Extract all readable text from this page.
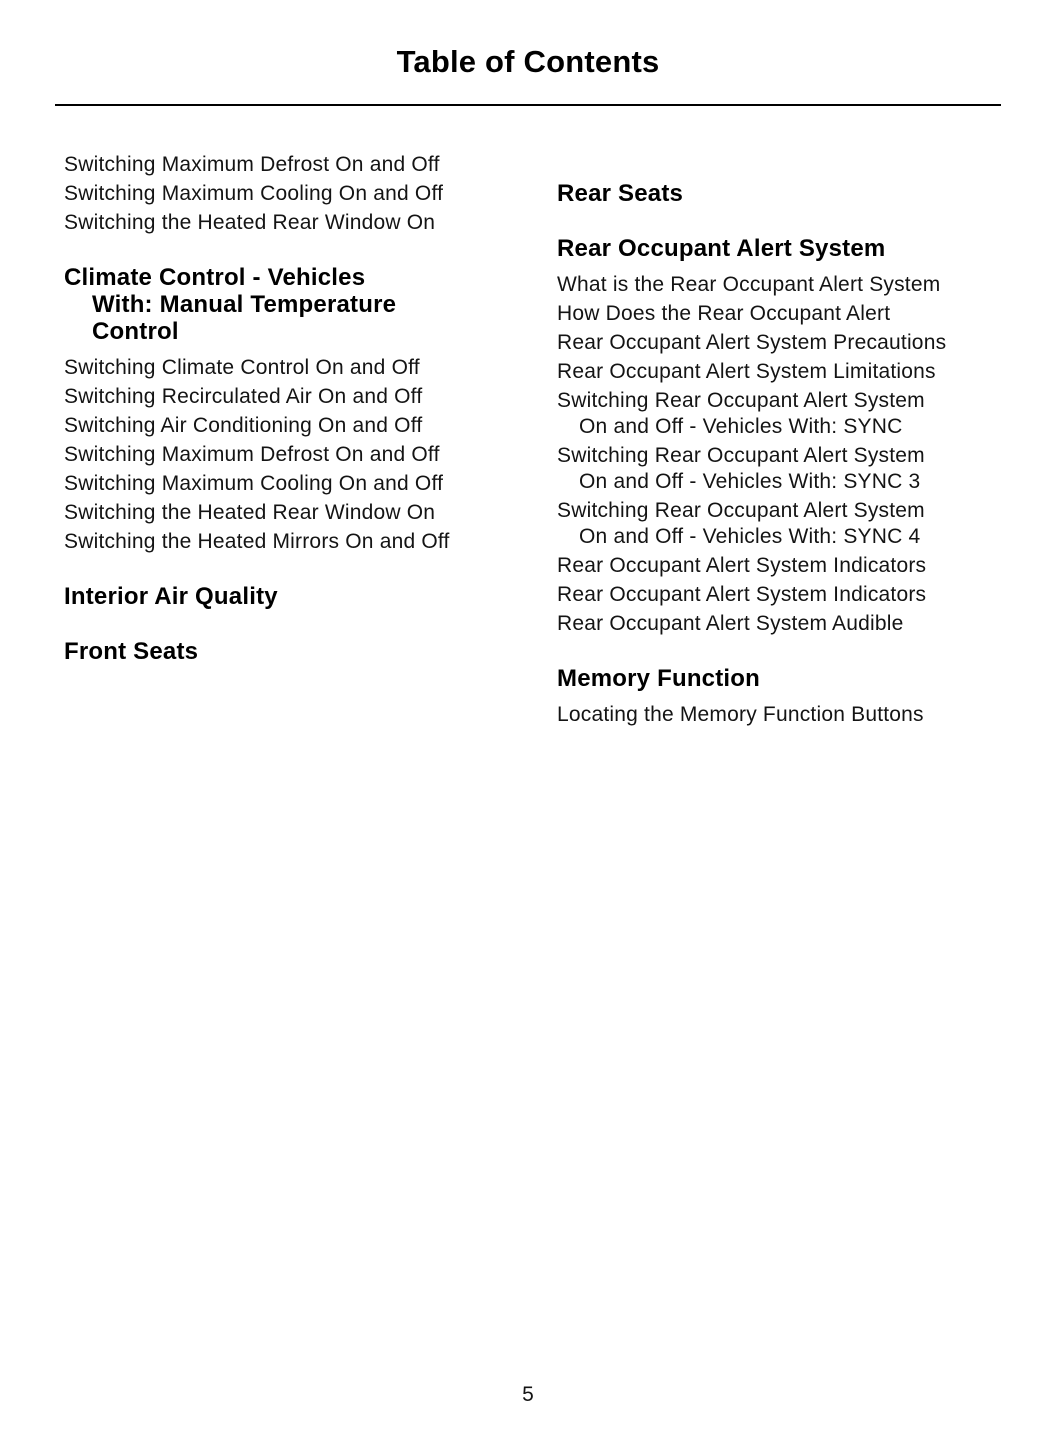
Table of Contents
Switching Maximum Defrost On and Off
Switching Maximum Cooling On and Off
Switching the Heated Rear Window On
Climate Control - Vehicles
With: Manual Temperature
Control
Switching Climate Control On and Off
Switching Recirculated Air On and Off
Switching Air Conditioning On and Off
Switching Maximum Defrost On and Off
Switching Maximum Cooling On and Off
Switching the Heated Rear Window On
Switching the Heated Mirrors On and Off
Interior Air Quality
Front Seats
Rear Seats
Rear Occupant Alert System
What is the Rear Occupant Alert System
How Does the Rear Occupant Alert
Rear Occupant Alert System Precautions
Rear Occupant Alert System Limitations
Switching Rear Occupant Alert System
On and Off - Vehicles With: SYNC
Switching Rear Occupant Alert System
On and Off - Vehicles With: SYNC 3
Switching Rear Occupant Alert System
On and Off - Vehicles With: SYNC 4
Rear Occupant Alert System Indicators
Rear Occupant Alert System Indicators
Rear Occupant Alert System Audible
Memory Function
Locating the Memory Function Buttons
5
